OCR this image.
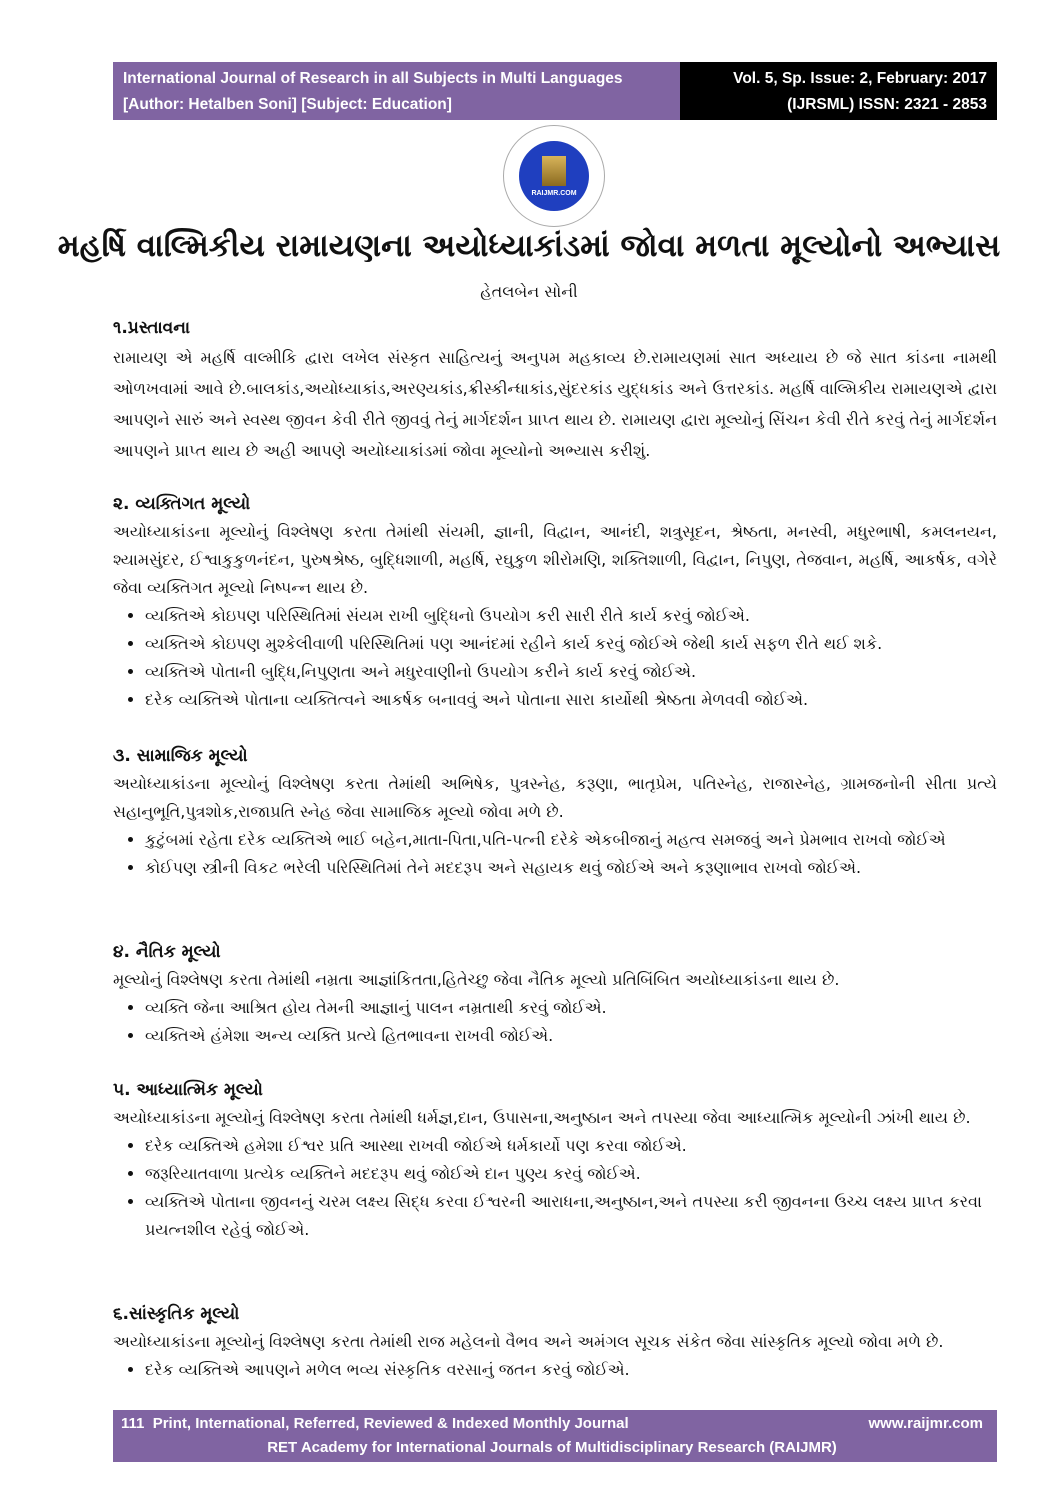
International Journal of Research in all Subjects in Multi Languages
[Author: Hetalben Soni] [Subject: Education]
Vol. 5, Sp. Issue: 2, February: 2017
(IJRSML) ISSN: 2321 - 2853
RAIJMR.COM
મહર્ષિ વાલ્મિકીય રામાયણના અયોધ્યાકાંડમાં જોવા મળતા મૂલ્યોનો અભ્યાસ
હેતલબેન સોની
૧.પ્રસ્તાવના

રામાયણ એ મહર્ષિ વાલ્મીકિ દ્વારા લખેલ સંસ્કૃત સાહિત્યનું અનુપમ મહકાવ્ય છે.રામાયણમાં સાત અધ્યાય છે જે સાત કાંડના નામથી ઓળખવામાં આવે છે.બાલકાંડ,અયોધ્યાકાંડ,અરણ્યકાંડ,ક્રીસ્કીન્ધાકાંડ,સુંદરકાંડ યુદ્ધકાંડ અને ઉત્તરકાંડ. મહર્ષિ વાલ્મિકીય રામાયણએ દ્વારા આપણને સારું અને સ્વસ્થ જીવન કેવી રીતે જીવવું તેનું માર્ગદર્શન પ્રાપ્ત થાય છે. રામાયણ દ્વારા મૂલ્યોનું સિંચન કેવી રીતે કરવું તેનું માર્ગદર્શન આપણને પ્રાપ્ત થાય છે અહી આપણે અયોધ્યાકાંડમાં જોવા મૂલ્યોનો અભ્યાસ કરીશું.

૨. વ્યક્તિગત મૂલ્યો

અયોધ્યાકાંડના મૂલ્યોનું વિશ્લેષણ કરતા તેમાંથી સંયમી, જ્ઞાની, વિદ્વાન, આનંદી, શત્રુસૂદન, શ્રેષ્ઠતા, મનસ્વી, મધુરભાષી, કમલનયન, શ્યામસુંદર, ઈશ્વાકુકુળનંદન, પુરુષશ્રેષ્ઠ, બુદ્ધિશાળી, મહર્ષિ, રઘુકુળ શીરોમણિ, શક્તિશાળી, વિદ્વાન, નિપુણ, તેજવાન, મહર્ષિ, આકર્ષક, વગેરે જેવા વ્યક્તિગત મૂલ્યો નિષ્પન્ન થાય છે.

• વ્યક્તિએ કોઇપણ પરિસ્થિતિમાં સંયમ રાખી બુદ્ધિનો ઉપયોગ કરી સારી રીતે કાર્ય કરવું જોઈએ.
• વ્યક્તિએ કોઇપણ મુશ્કેલીવાળી પરિસ્થિતિમાં પણ આનંદમાં રહીને કાર્ય કરવું જોઈએ જેથી કાર્ય સફળ રીતે થઈ શકે.
• વ્યક્તિએ પોતાની બુદ્ધિ,નિપુણતા અને મધુરવાણીનો ઉપયોગ કરીને કાર્ય કરવું જોઈએ.
• દરેક વ્યક્તિએ પોતાના વ્યક્તિત્વને આકર્ષક બનાવવું અને પોતાના સારા કાર્યોથી શ્રેષ્ઠતા મેળવવી જોઈએ.
૩. સામાજિક મૂલ્યો

અયોધ્યાકાંડના મૂલ્યોનું વિશ્લેષણ કરતા તેમાંથી અભિષેક, પુત્રસ્નેહ, કરૂણા, ભાતૃપ્રેમ, પતિસ્નેહ, રાજાસ્નેહ, ગ્રામજનોની સીતા પ્રત્યે સહાનુભૂતિ,પુત્રશોક,રાજાપ્રતિ સ્નેહ જેવા સામાજિક મૂલ્યો જોવા મળે છે.

• કુટુંબમાં રહેતા દરેક વ્યક્તિએ ભાઈ બહેન,માતા-પિતા,પતિ-પત્ની દરેકે એકબીજાનું મહત્વ સમજવું અને પ્રેમભાવ રાખવો જોઈએ
• કોઈપણ સ્ત્રીની વિકટ ભરેલી પરિસ્થિતિમાં તેને મદદરૂપ અને સહાયક થવું જોઈએ અને કરૂણાભાવ રાખવો જોઈએ.
૪. નૈતિક મૂલ્યો

મૂલ્યોનું વિશ્લેષણ કરતા તેમાંથી નમ્રતા આજ્ઞાંકિતતા,હિતેચ્છુ જેવા નૈતિક મૂલ્યો પ્રતિબિંબિત અયોધ્યાકાંડના થાય છે.

• વ્યક્તિ જેના આશ્રિત હોય તેમની આજ્ઞાનું પાલન નમ્રતાથી કરવું જોઈએ.
• વ્યક્તિએ હંમેશા અન્ય વ્યક્તિ પ્રત્યે હિતભાવના રાખવી જોઈએ.
૫. આધ્યાત્મિક મૂલ્યો

અયોધ્યાકાંડના મૂલ્યોનું વિશ્લેષણ કરતા તેમાંથી ધર્મજ્ઞ,દાન, ઉપાસના,અનુષ્ઠાન અને તપસ્યા જેવા આધ્યાત્મિક મૂલ્યોની ઝાંખી થાય છે.

• દરેક વ્યક્તિએ હમેશા ઈશ્વર પ્રતિ આસ્થા રાખવી જોઈએ ધર્મકાર્યો પણ કરવા જોઈએ.
• જરૂરિયાતવાળા પ્રત્યેક વ્યક્તિને મદદરૂપ થવું જોઈએ દાન પુણ્ય કરવું જોઈએ.
• વ્યક્તિએ પોતાના જીવનનું ચરમ લક્ષ્ય સિદ્ધ કરવા ઈશ્વરની આરાધના,અનુષ્ઠાન,અને તપસ્યા કરી જીવનના ઉચ્ચ લક્ષ્ય પ્રાપ્ત કરવા પ્રયત્નશીલ રહેવું જોઈએ.
૬.સાંસ્કૃતિક મૂલ્યો

અયોધ્યાકાંડના મૂલ્યોનું વિશ્લેષણ કરતા તેમાંથી રાજ મહેલનો વૈભવ અને અમંગલ સૂચક સંકેત જેવા સાંસ્કૃતિક મૂલ્યો જોવા મળે છે.

• દરેક વ્યક્તિએ આપણને મળેલ ભવ્ય સંસ્કૃતિક વરસાનું જતન કરવું જોઈએ.
111 Print, International, Referred, Reviewed & Indexed Monthly Journal	www.raijmr.com
RET Academy for International Journals of Multidisciplinary Research (RAIJMR)
